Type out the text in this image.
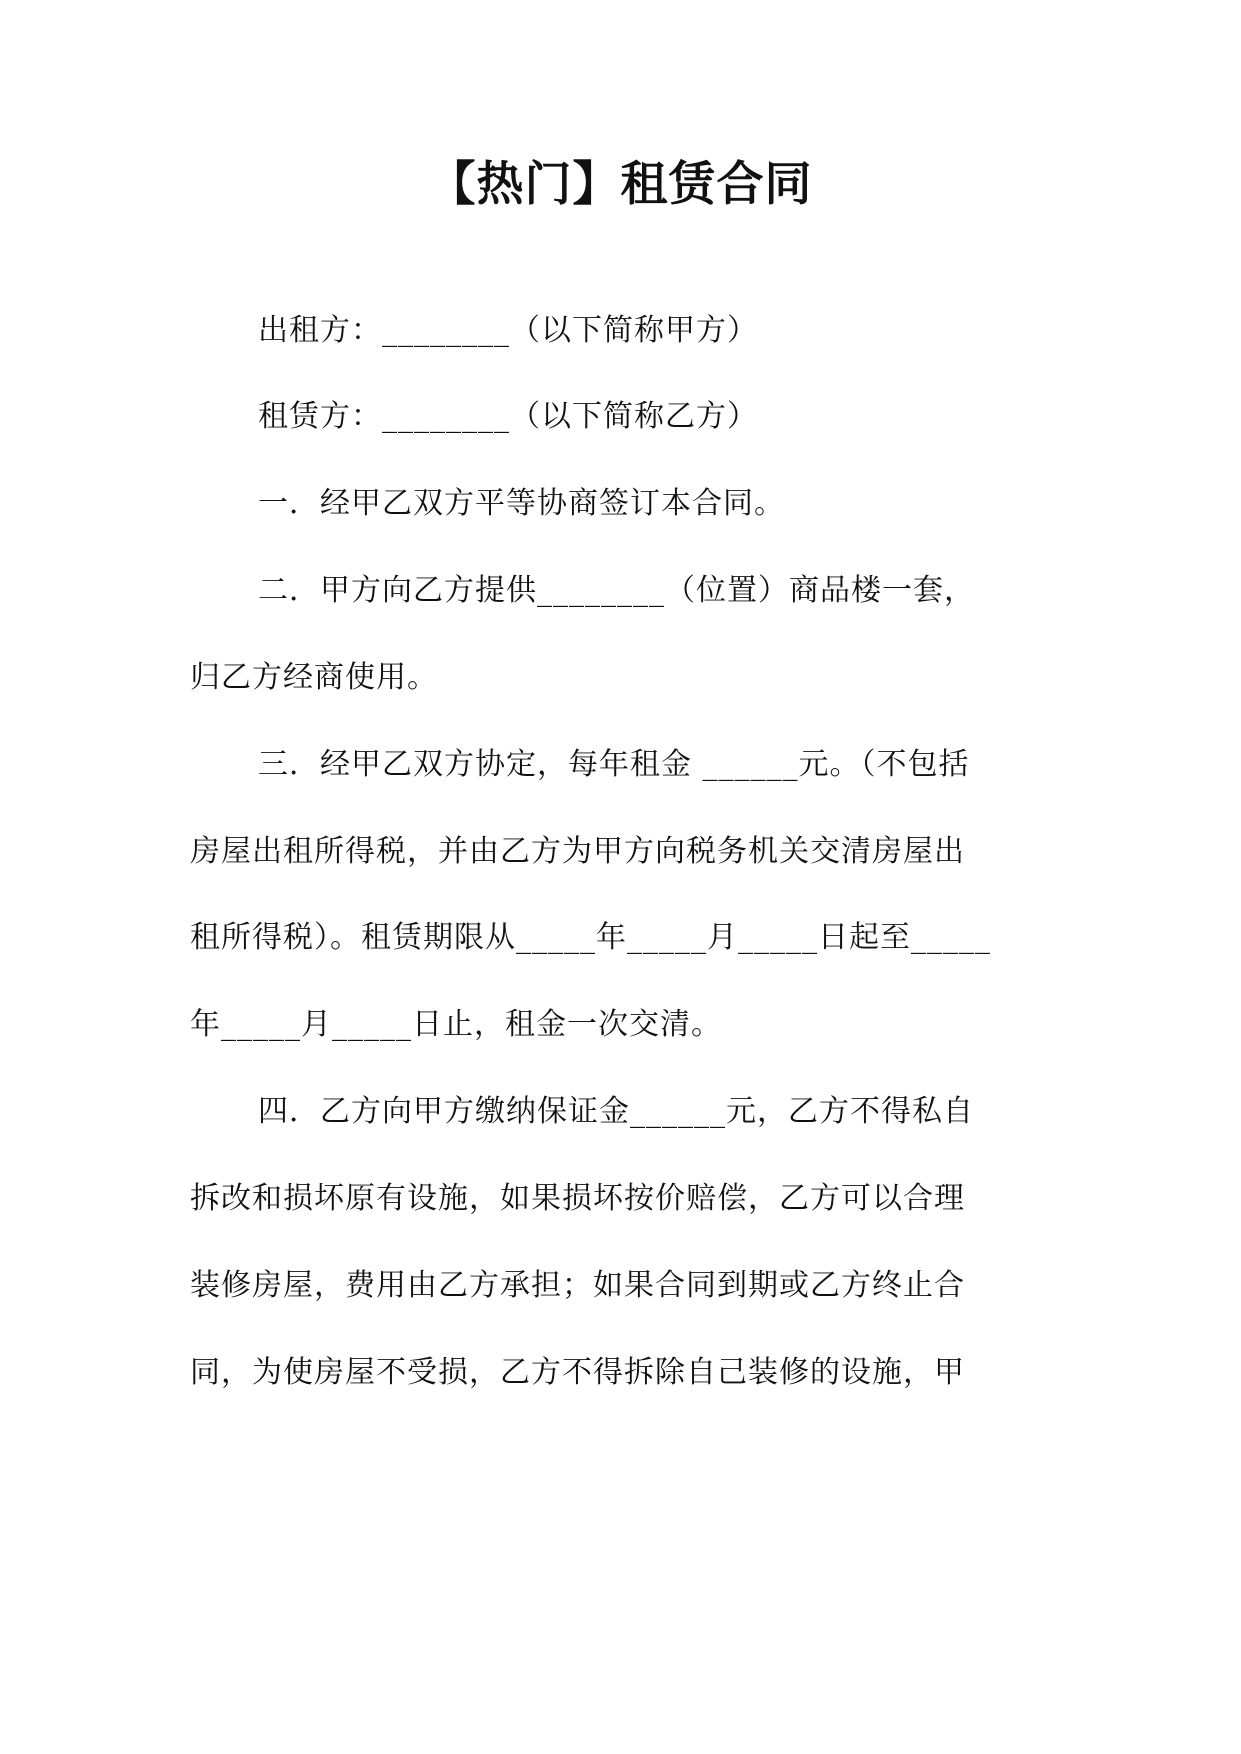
【热门】租赁合同
出租方：________（以下简称甲方）
租赁方：________（以下简称乙方）
一．经甲乙双方平等协商签订本合同。
二．甲方向乙方提供________（位置）商品楼一套，
归乙方经商使用。
三．经甲乙双方协定，每年租金 ______元。（不包括
房屋出租所得税，并由乙方为甲方向税务机关交清房屋出
租所得税）。租赁期限从_____年_____月_____日起至_____
年_____月_____日止，租金一次交清。
四．乙方向甲方缴纳保证金______元，乙方不得私自
拆改和损坏原有设施，如果损坏按价赔偿，乙方可以合理
装修房屋，费用由乙方承担；如果合同到期或乙方终止合
同，为使房屋不受损，乙方不得拆除自己装修的设施，甲
